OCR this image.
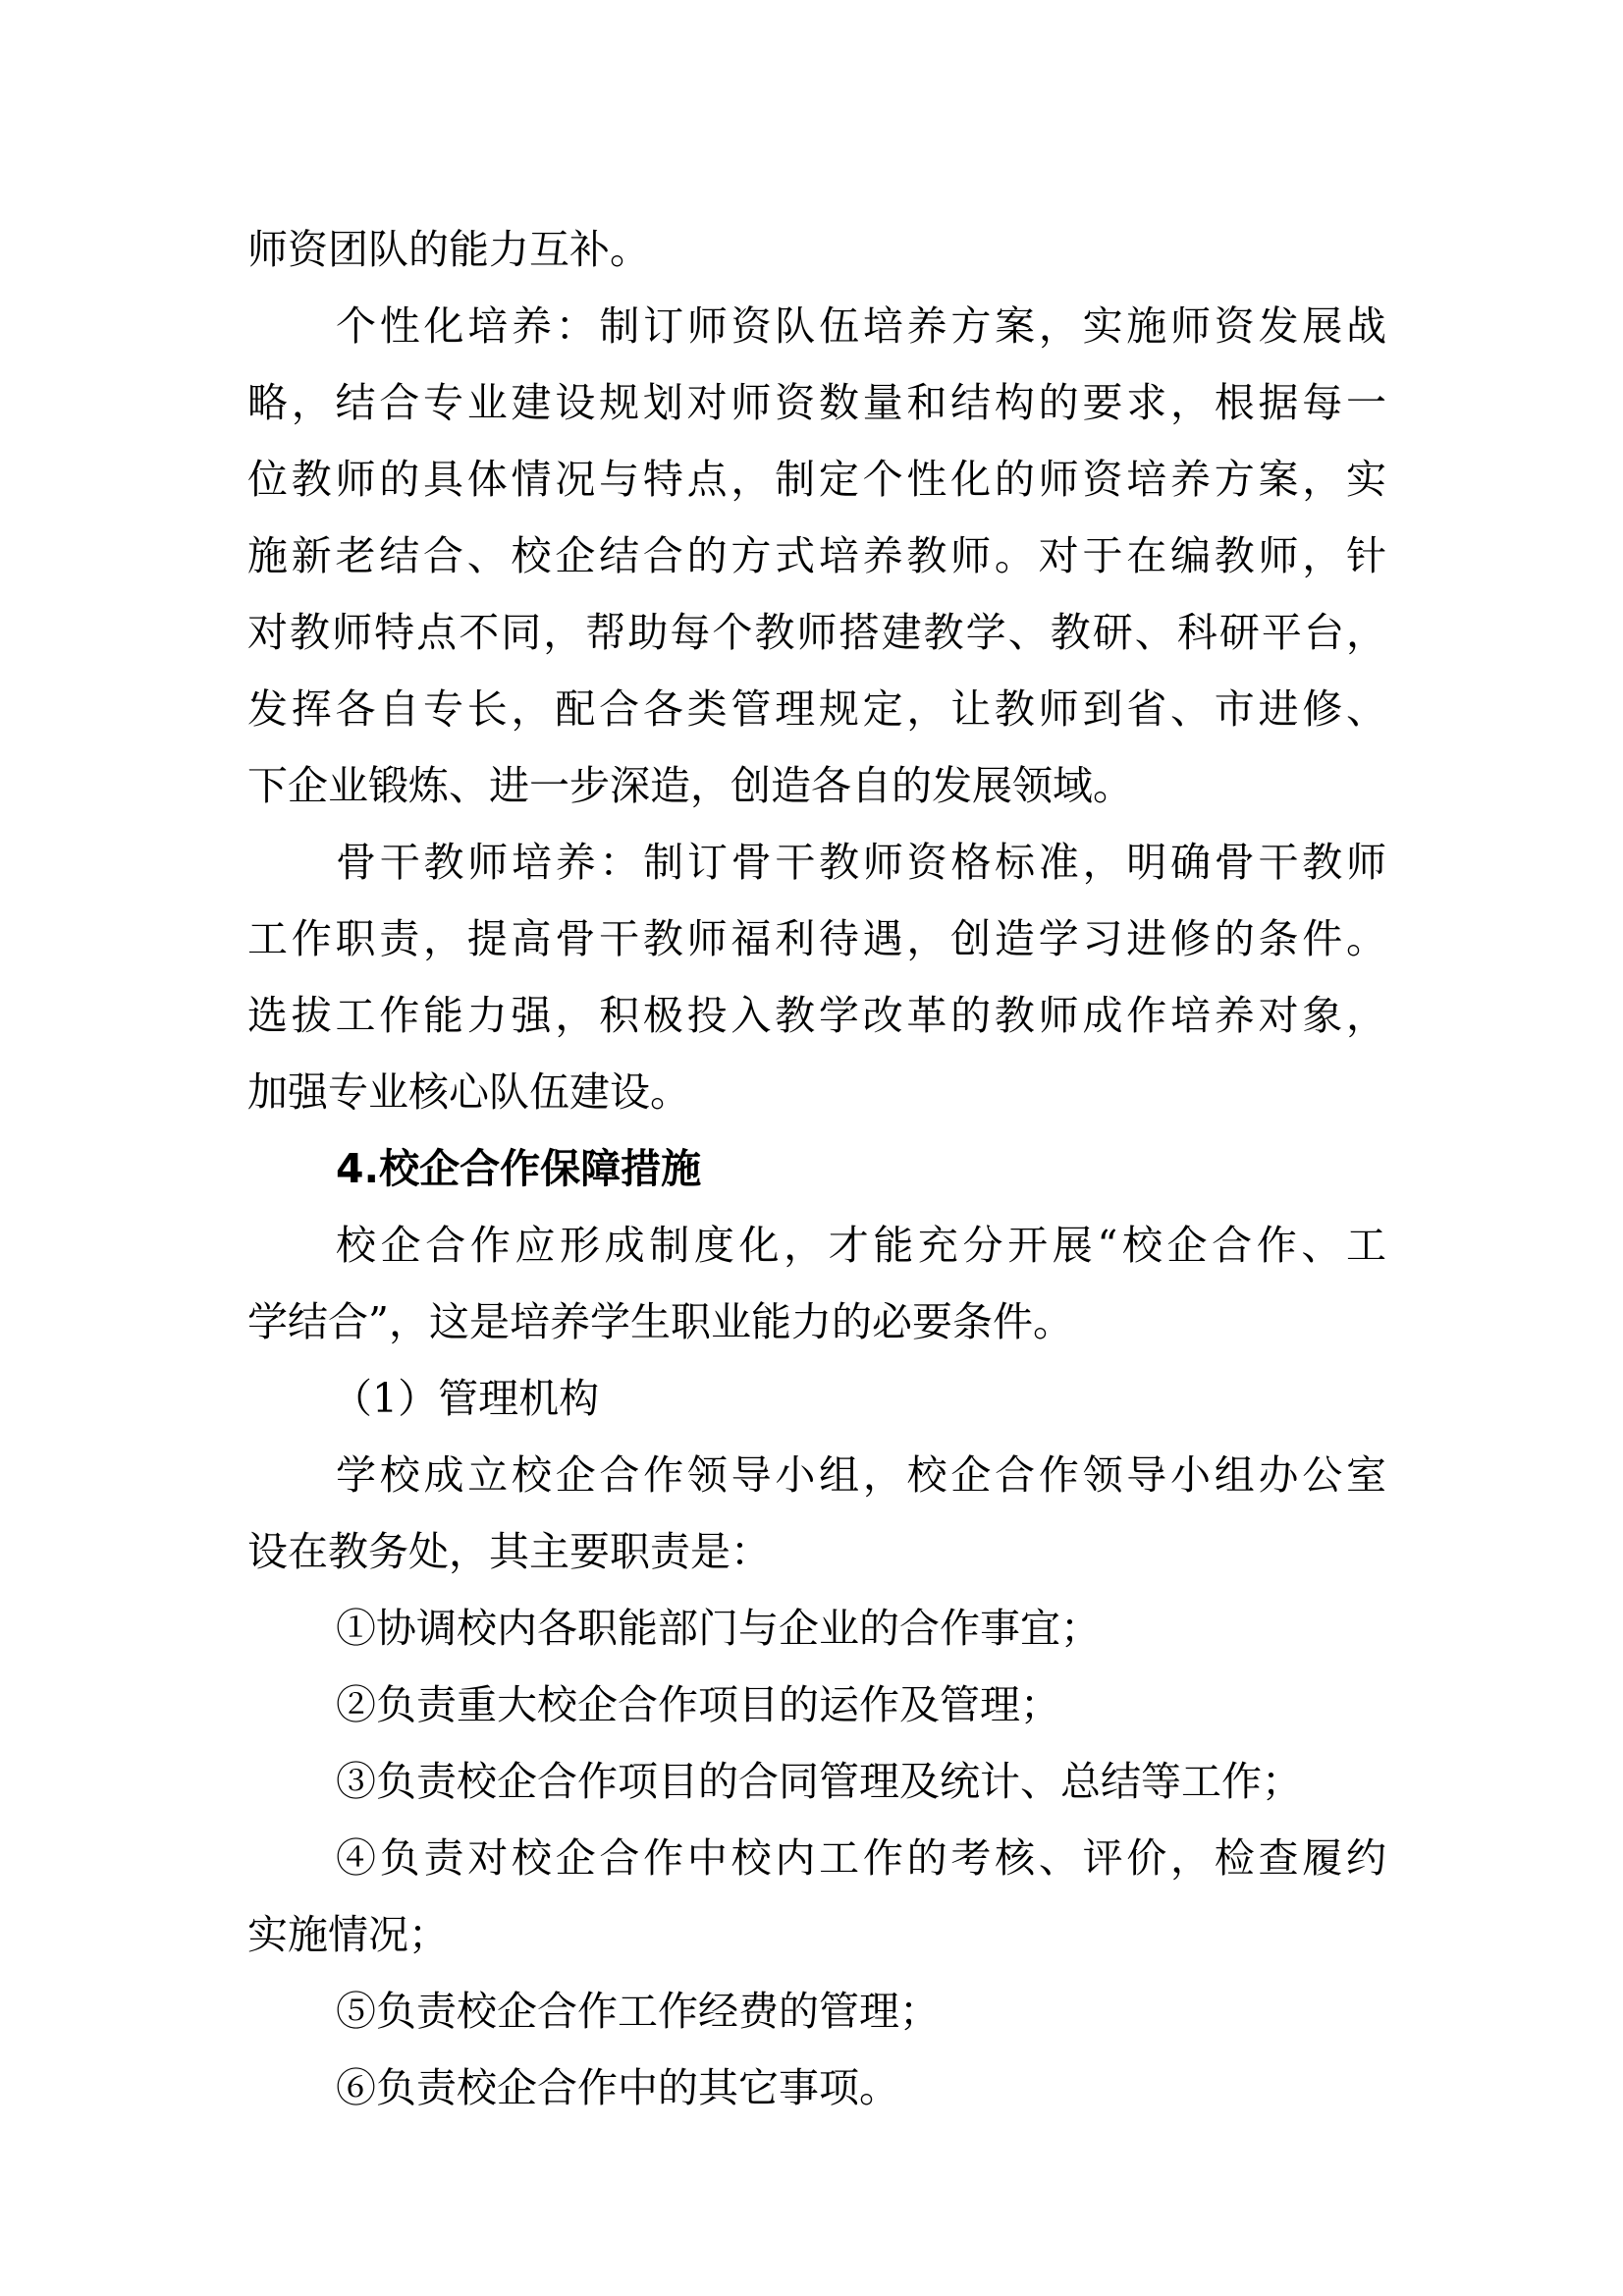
师资团队的能力互补。
个性化培养：制订师资队伍培养方案，实施师资发展战
略，结合专业建设规划对师资数量和结构的要求，根据每一
位教师的具体情况与特点，制定个性化的师资培养方案，实
施新老结合、校企结合的方式培养教师。对于在编教师，针
对教师特点不同，帮助每个教师搭建教学、教研、科研平台，
发挥各自专长，配合各类管理规定，让教师到省、市进修、
下企业锻炼、进一步深造，创造各自的发展领域。
骨干教师培养：制订骨干教师资格标准，明确骨干教师
工作职责，提高骨干教师福利待遇，创造学习进修的条件。
选拔工作能力强，积极投入教学改革的教师成作培养对象，
加强专业核心队伍建设。
4.校企合作保障措施
校企合作应形成制度化，才能充分开展“校企合作、工
学结合”，这是培养学生职业能力的必要条件。
（1）管理机构
学校成立校企合作领导小组，校企合作领导小组办公室
设在教务处，其主要职责是：
①协调校内各职能部门与企业的合作事宜；
②负责重大校企合作项目的运作及管理；
③负责校企合作项目的合同管理及统计、总结等工作；
④负责对校企合作中校内工作的考核、评价，检查履约
实施情况；
⑤负责校企合作工作经费的管理；
⑥负责校企合作中的其它事项。
